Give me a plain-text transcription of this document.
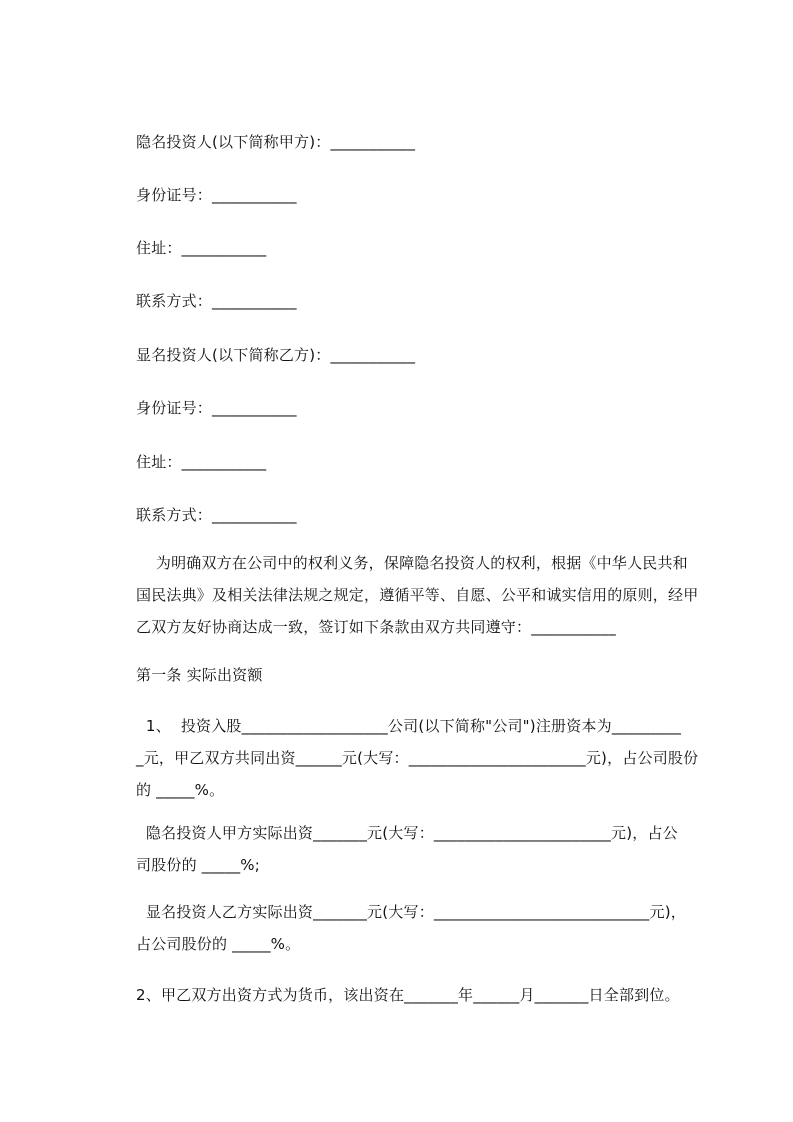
隐名投资人(以下简称甲方)：___________
身份证号：___________
住址：___________
联系方式：___________
显名投资人(以下简称乙方)：___________
身份证号：___________
住址：___________
联系方式：___________
为明确双方在公司中的权利义务，保障隐名投资人的权利，根据《中华人民共和
国民法典》及相关法律法规之规定，遵循平等、自愿、公平和诚实信用的原则，经甲
乙双方友好协商达成一致，签订如下条款由双方共同遵守：___________
第一条 实际出资额
1、  投资入股___________________公司(以下简称"公司")注册资本为_________
_元，甲乙双方共同出资______元(大写：_______________________元)，占公司股份
的 _____%。
隐名投资人甲方实际出资_______元(大写：_______________________元)，占公
司股份的 _____%;
显名投资人乙方实际出资_______元(大写：____________________________元)，
占公司股份的 _____%。
2、甲乙双方出资方式为货币，该出资在_______年______月_______日全部到位。
